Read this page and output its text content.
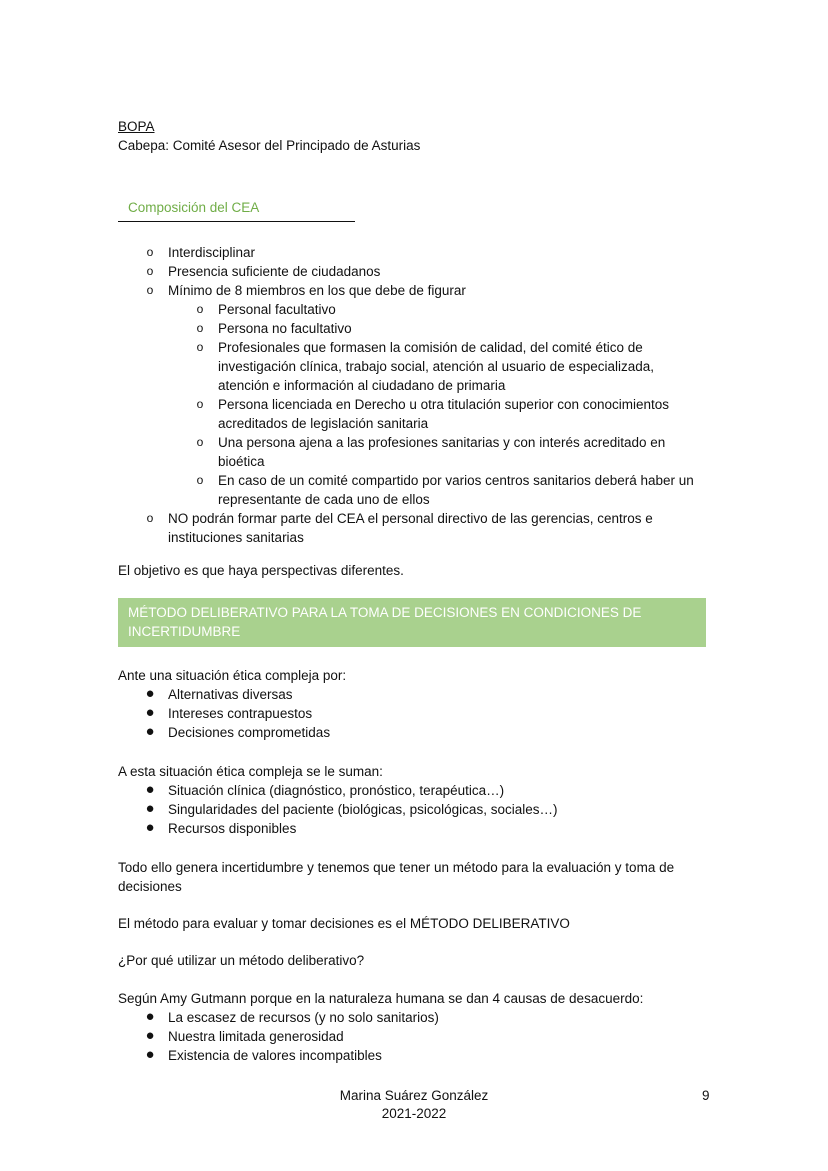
BOPA
Cabepa: Comité Asesor del Principado de Asturias
Composición del CEA
o Interdisciplinar
o Presencia suficiente de ciudadanos
o Mínimo de 8 miembros en los que debe de figurar
o Personal facultativo
o Persona no facultativo
o Profesionales que formasen la comisión de calidad, del comité ético de investigación clínica, trabajo social, atención al usuario de especializada, atención e información al ciudadano de primaria
o Persona licenciada en Derecho u otra titulación superior con conocimientos acreditados de legislación sanitaria
o Una persona ajena a las profesiones sanitarias y con interés acreditado en bioética
o En caso de un comité compartido por varios centros sanitarios deberá haber un representante de cada uno de ellos
o NO podrán formar parte del CEA el personal directivo de las gerencias, centros e instituciones sanitarias
El objetivo es que haya perspectivas diferentes.
MÉTODO DELIBERATIVO PARA LA TOMA DE DECISIONES EN CONDICIONES DE INCERTIDUMBRE
Ante una situación ética compleja por:
● Alternativas diversas
● Intereses contrapuestos
● Decisiones comprometidas
A esta situación ética compleja se le suman:
● Situación clínica (diagnóstico, pronóstico, terapéutica…)
● Singularidades del paciente (biológicas, psicológicas, sociales…)
● Recursos disponibles
Todo ello genera incertidumbre y tenemos que tener un método para la evaluación y toma de decisiones
El método para evaluar y tomar decisiones es el MÉTODO DELIBERATIVO
¿Por qué utilizar un método deliberativo?
Según Amy Gutmann porque en la naturaleza humana se dan 4 causas de desacuerdo:
● La escasez de recursos (y no solo sanitarios)
● Nuestra limitada generosidad
● Existencia de valores incompatibles
Marina Suárez González
2021-2022
9
